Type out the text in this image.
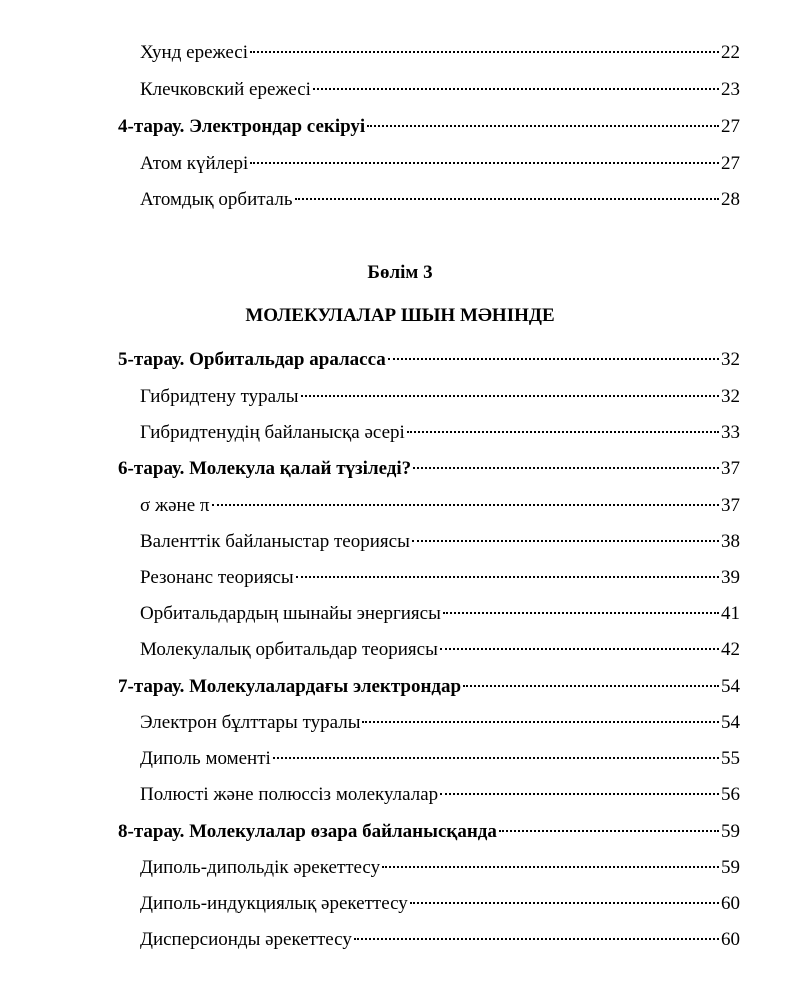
Хунд ережесі	22
Клечковский ережесі	23
4-тарау. Электрондар секіруі	27
Атом күйлері	27
Атомдық орбиталь	28
Бөлім 3
МОЛЕКУЛАЛАР ШЫН МӘНІНДЕ
5-тарау. Орбитальдар араласса	32
Гибридтену туралы	32
Гибридтенудің байланысқа әсері	33
6-тарау. Молекула қалай түзіледі?	37
σ және π	37
Валенттік байланыстар теориясы	38
Резонанс теориясы	39
Орбитальдардың шынайы энергиясы	41
Молекулалық орбитальдар теориясы	42
7-тарау. Молекулалардағы электрондар	54
Электрон бұлттары туралы	54
Диполь моменті	55
Полюсті және полюссіз молекулалар	56
8-тарау. Молекулалар өзара байланысқанда	59
Диполь-дипольдік әрекеттесу	59
Диполь-индукциялық әрекеттесу	60
Дисперсионды әрекеттесу	60
